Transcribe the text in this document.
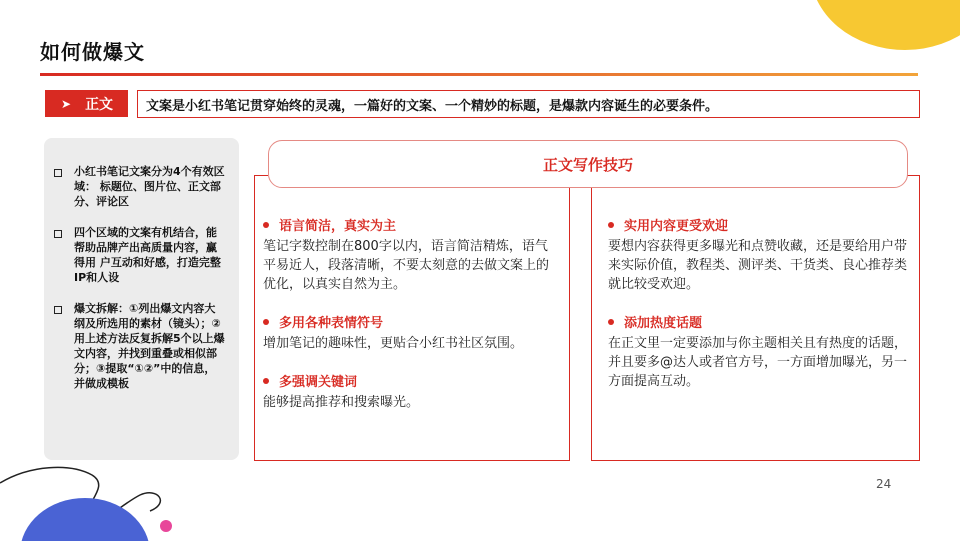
如何做爆文
➤ 正文	文案是小红书笔记贯穿始终的灵魂，一篇好的文案、一个精妙的标题，是爆款内容诞生的必要条件。
小红书笔记文案分为4个有效区域： 标题位、图片位、正文部分、评论区
四个区域的文案有机结合，能帮助品牌产出高质量内容，赢得用 户互动和好感，打造完整IP和人设
爆文拆解：①列出爆文内容大纲及所选用的素材（镜头）；②用上述方法反复拆解5个以上爆文内容，并找到重叠或相似部分；③提取“①②”中的信息，并做成模板
正文写作技巧
语言简洁，真实为主
笔记字数控制在800字以内，语言简洁精炼，语气平易近人，段落清晰，不要太刻意的去做文案上的优化，以真实自然为主。
多用各种表情符号
增加笔记的趣味性，更贴合小红书社区氛围。
多强调关键词
能够提高推荐和搜索曝光。
实用内容更受欢迎
要想内容获得更多曝光和点赞收藏，还是要给用户带来实际价值，教程类、测评类、干货类、良心推荐类就比较受欢迎。
添加热度话题
在正文里一定要添加与你主题相关且有热度的话题，并且要多@达人或者官方号，一方面增加曝光，另一方面提高互动。
24
